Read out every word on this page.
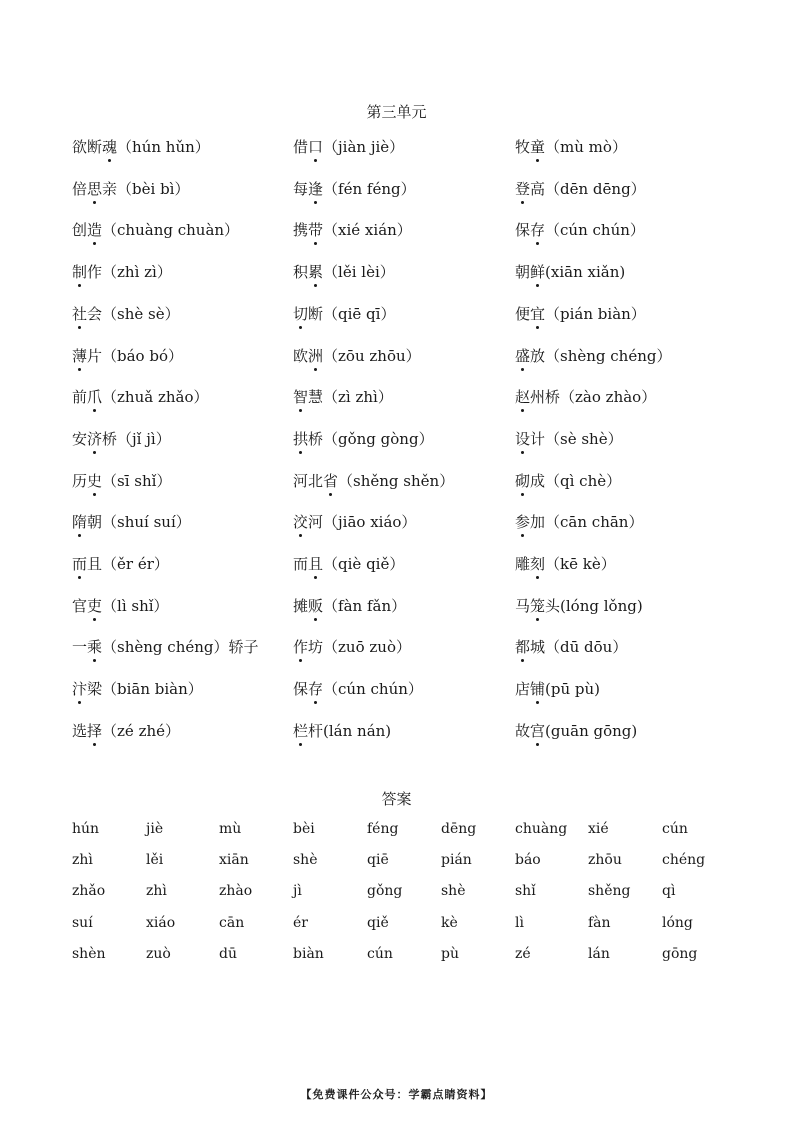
第三单元
欲断魂（hún hǔn）	借口（jiàn jiè）	牧童（mù mò）
倍思亲（bèi bì）	每逢（fén féng）	登高（dēn dēng）
创造（chuàng chuàn）	携带（xié xián）	保存（cún chún）
制作（zhì zì）	积累（lěi lèi）	朝鲜(xiān xiǎn)
社会（shè sè）	切断（qiē qī）	便宜（pián biàn）
薄片（báo bó）	欧洲（zōu zhōu）	盛放（shèng chéng）
前爪（zhuǎ zhǎo）	智慧（zì zhì）	赵州桥（zào zhào）
安济桥（jǐ jì）	拱桥（gǒng gòng）	设计（sè shè）
历史（sī shǐ）	河北省（shěng shěn）	砌成（qì chè）
隋朝（shuí suí）	洨河（jiāo xiáo）	参加（cān chān）
而且（ěr ér）	而且（qiè qiě）	雕刻（kē kè）
官吏（lì shǐ）	摊贩（fàn fǎn）	马笼头(lóng lǒng)
一乘（shèng chéng）轿子 作坊（zuō zuò）	都城（dū dōu）
汴梁（biān biàn）	保存（cún chún）	店铺(pū pù)
选择（zé zhé）	栏杆(lán nán)	故宫(guān gōng)
答案
hún	jiè	mù	bèi	féng	dēng	chuàng xié	cún
zhì	lěi	xiān	shè	qiē	pián	báo	zhōu	chéng
zhǎo	zhì	zhào	jì	gǒng	shè	shǐ	shěng qì
suí	xiáo	cān	ér	qiě	kè	lì	fàn	lóng
shèn	zuò	dū	biàn	cún	pù	zé	lán	gōng
【免费课件公众号：学霸点睛资料】
